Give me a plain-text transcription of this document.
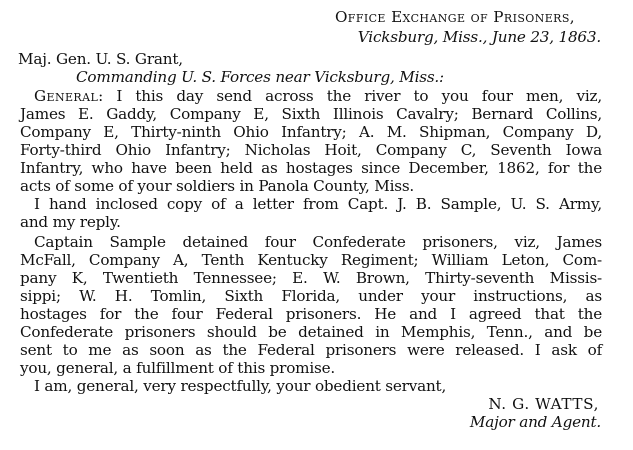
Office Exchange of Prisoners,
Vicksburg, Miss., June 23, 1863.
Maj. Gen. U. S. Grant,
Commanding U. S. Forces near Vicksburg, Miss.:
General: I this day send across the river to you four men, viz,
James E. Gaddy, Company E, Sixth Illinois Cavalry; Bernard Collins,
Company E, Thirty-ninth Ohio Infantry; A. M. Shipman, Company D,
Forty-third Ohio Infantry; Nicholas Hoit, Company C, Seventh Iowa
Infantry, who have been held as hostages since December, 1862, for the
acts of some of your soldiers in Panola County, Miss.
I hand inclosed copy of a letter from Capt. J. B. Sample, U. S. Army,
and my reply.
Captain Sample detained four Confederate prisoners, viz, James
McFall, Company A, Tenth Kentucky Regiment; William Leton, Com-
pany K, Twentieth Tennessee; E. W. Brown, Thirty-seventh Missis-
sippi; W. H. Tomlin, Sixth Florida, under your instructions, as
hostages for the four Federal prisoners. He and I agreed that the
Confederate prisoners should be detained in Memphis, Tenn., and be
sent to me as soon as the Federal prisoners were released. I ask of
you, general, a fulfillment of this promise.
I am, general, very respectfully, your obedient servant,
N. G. WATTS,
Major and Agent.
